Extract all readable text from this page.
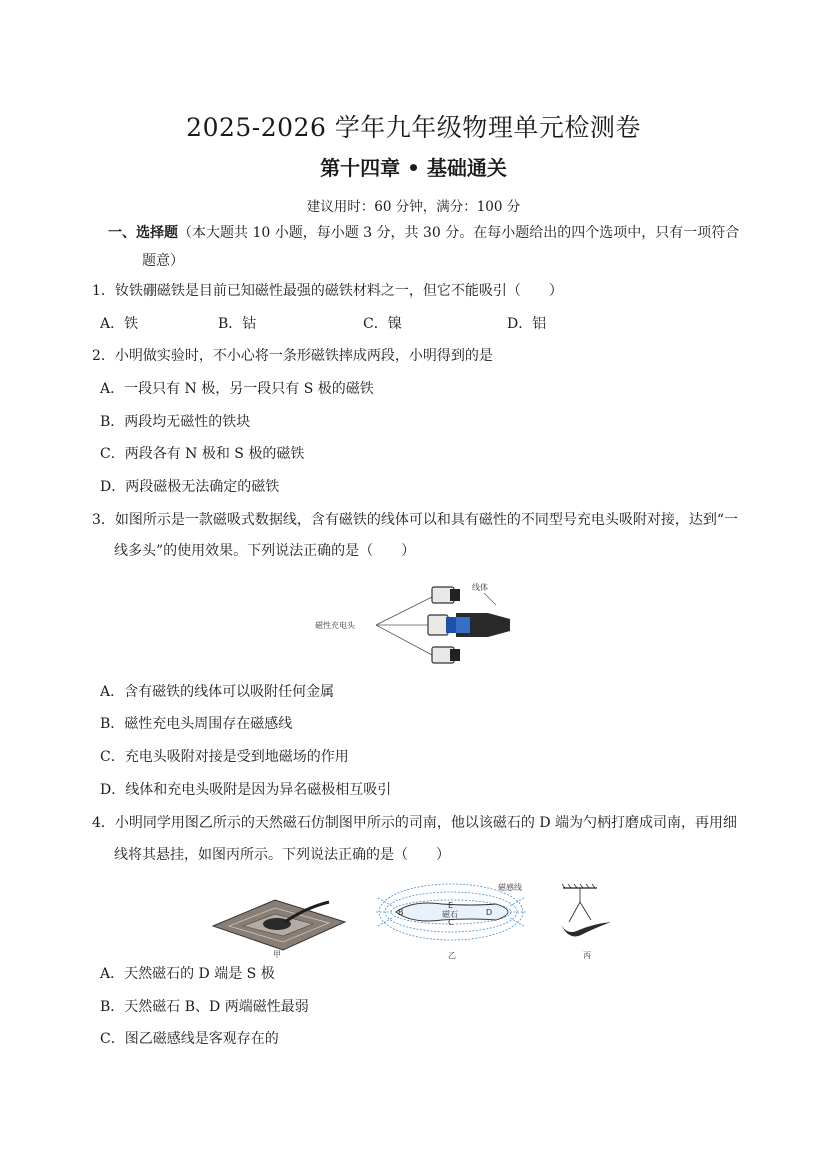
2025-2026 学年九年级物理单元检测卷
第十四章 • 基础通关
建议用时：60 分钟，满分：100 分
一、选择题（本大题共 10 小题，每小题 3 分，共 30 分。在每小题给出的四个选项中，只有一项符合
题意）
1．钕铁硼磁铁是目前已知磁性最强的磁铁材料之一，但它不能吸引（　　）
A．铁	B．钴	C．镍	D．铝
2．小明做实验时，不小心将一条形磁铁摔成两段，小明得到的是
A．一段只有 N 极，另一段只有 S 极的磁铁
B．两段均无磁性的铁块
C．两段各有 N 极和 S 极的磁铁
D．两段磁极无法确定的磁铁
3．如图所示是一款磁吸式数据线，含有磁铁的线体可以和具有磁性的不同型号充电头吸附对接，达到“一
线多头”的使用效果。下列说法正确的是（　　）
线体
磁性充电头
A．含有磁铁的线体可以吸附任何金属
B．磁性充电头周围存在磁感线
C．充电头吸附对接是受到地磁场的作用
D．线体和充电头吸附是因为异名磁极相互吸引
4．小明同学用图乙所示的天然磁石仿制图甲所示的司南，他以该磁石的 D 端为勺柄打磨成司南，再用细
线将其悬挂，如图丙所示。下列说法正确的是（　　）
甲
B	D
E
磁石
C
磁感线
乙	丙
A．天然磁石的 D 端是 S 极
B．天然磁石 B、D 两端磁性最弱
C．图乙磁感线是客观存在的
